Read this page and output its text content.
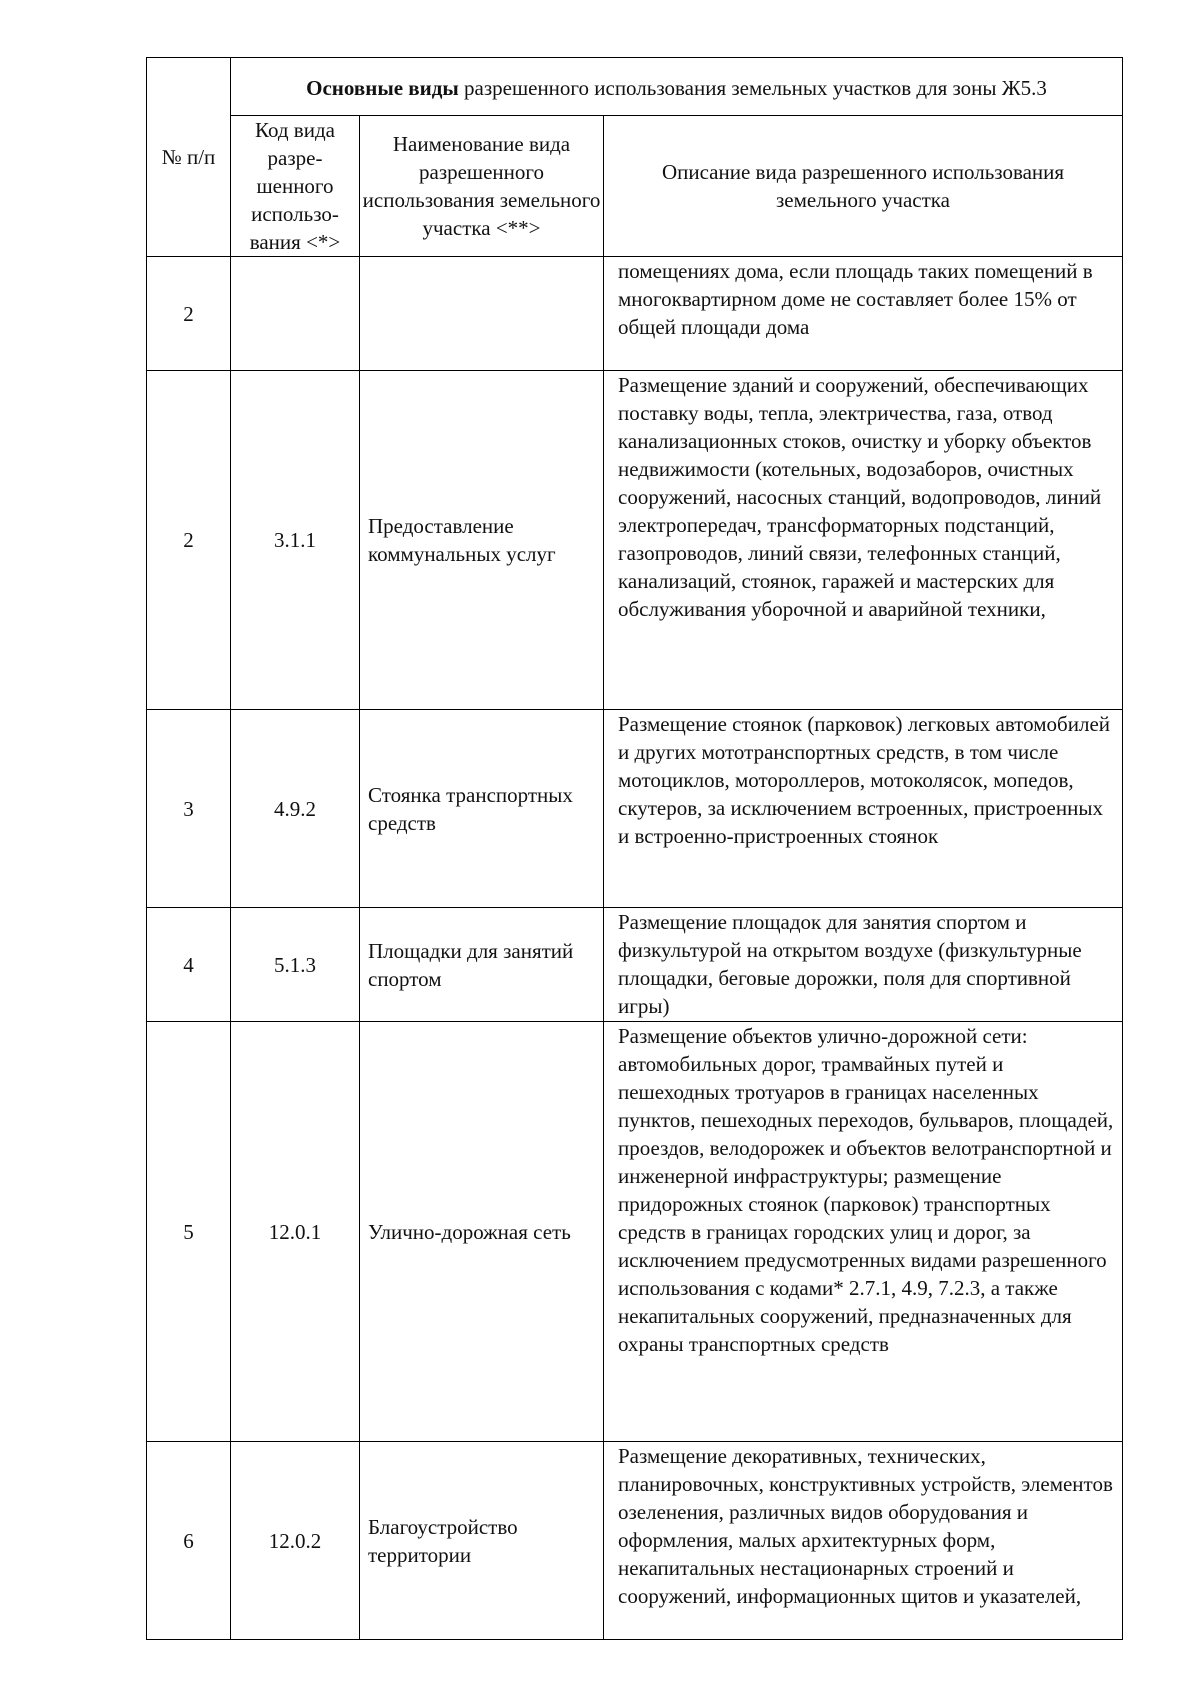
№ п/п	Основные виды разрешенного использования земельных участков для зоны Ж5.3		
	Код вида разре-шенного использо-вания <*>	Наименование вида разрешенного использования земельного участка <**>	Описание вида разрешенного использования земельного участка
2			помещениях дома, если площадь таких помещений в многоквартирном доме не составляет более 15% от общей площади дома
2	3.1.1	Предоставление коммунальных услуг	Размещение зданий и сооружений, обеспечивающих поставку воды, тепла, электричества, газа, отвод канализационных стоков, очистку и уборку объектов недвижимости (котельных, водозаборов, очистных сооружений, насосных станций, водопроводов, линий электропередач, трансформаторных подстанций, газопроводов, линий связи, телефонных станций, канализаций, стоянок, гаражей и мастерских для обслуживания уборочной и аварийной техники,
3	4.9.2	Стоянка транспортных средств	Размещение стоянок (парковок) легковых автомобилей и других мототранспортных средств, в том числе мотоциклов, мотороллеров, мотоколясок, мопедов, скутеров, за исключением встроенных, пристроенных и встроенно-пристроенных стоянок
4	5.1.3	Площадки для занятий спортом	Размещение площадок для занятия спортом и физкультурой на открытом воздухе (физкультурные площадки, беговые дорожки, поля для спортивной игры)
5	12.0.1	Улично-дорожная сеть	Размещение объектов улично-дорожной сети: автомобильных дорог, трамвайных путей и пешеходных тротуаров в границах населенных пунктов, пешеходных переходов, бульваров, площадей, проездов, велодорожек и объектов велотранспортной и инженерной инфраструктуры; размещение придорожных стоянок (парковок) транспортных средств в границах городских улиц и дорог, за исключением предусмотренных видами разрешенного использования с кодами* 2.7.1, 4.9, 7.2.3, а также некапитальных сооружений, предназначенных для охраны транспортных средств
6	12.0.2	Благоустройство территории	Размещение декоративных, технических, планировочных, конструктивных устройств, элементов озеленения, различных видов оборудования и оформления, малых архитектурных форм, некапитальных нестационарных строений и сооружений, информационных щитов и указателей,
